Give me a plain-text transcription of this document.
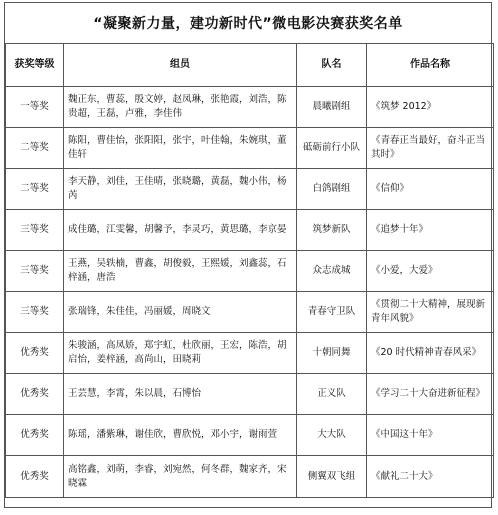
“凝聚新力量，建功新时代”微电影决赛获奖名单
获奖等级	组员	队名	作品名称
一等奖	魏正东，曹蕊，殷文婷，赵凤琳，张艳霞，刘浩，陈贵超，王磊，卢雅，李佳伟	晨曦剧组	《筑梦 2012》
二等奖	陈阳，曹佳怡，张阳阳，张宇，叶佳翰，朱婉琪，董佳轩	砥砺前行小队	《青春正当最好，奋斗正当其时》
二等奖	李天静，刘佳，王佳晴，张晓璐，黄磊，魏小伟，杨芮	白鸽剧组	《信仰》
三等奖	成佳璐，江雯馨，胡馨予，李灵巧，黄思璐，李京晏	筑梦新队	《追梦十年》
三等奖	王燕，吴轶楠，曹鑫，胡俊毅，王熙媛，刘鑫蕊，石梓涵，唐浩	众志成城	《小爱，大爱》
三等奖	张瑞锋，朱佳佳，冯丽媛，周晓文	青春守卫队	《贯彻二十大精神，展现新青年风貌》
优秀奖	朱骏涵，高凤娇，郑宇虹，杜欣丽，王宏，陈浩，胡启怡，姜梓涵，高尚山，田晓莉	十朝同舞	《20 时代精神青春风采》
优秀奖	王芸慧，李霄，朱以晨，石博怡	正义队	《学习二十大奋进新征程》
优秀奖	陈瑶，潘紫琳，谢佳欣，曹欣悦，邓小宇，谢雨萱	大大队	《中国这十年》
优秀奖	高铭鑫，刘萌，李睿，刘宛然，何冬群，魏家齐，宋晓霖	侧翼双飞组	《献礼二十大》
